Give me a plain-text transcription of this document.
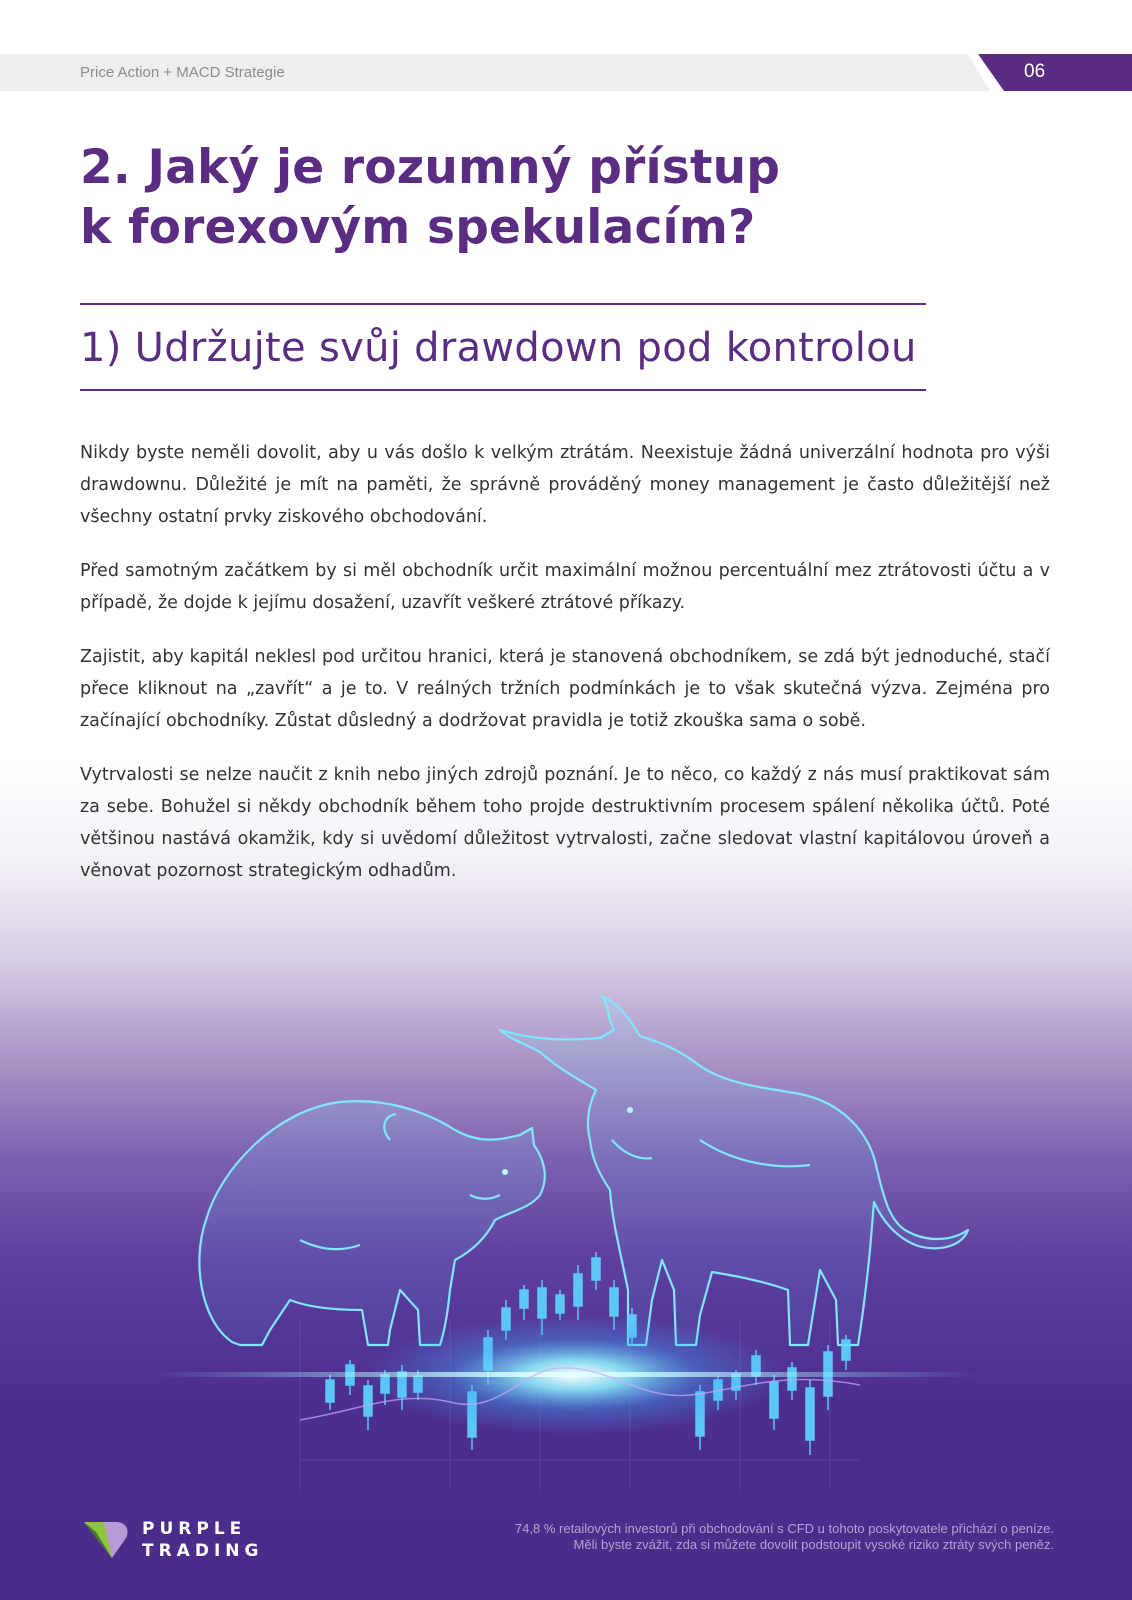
Price Action + MACD Strategie	06
2. Jaký je rozumný přístup
k forexovým spekulacím?
1) Udržujte svůj drawdown pod kontrolou

Nikdy byste neměli dovolit, aby u vás došlo k velkým ztrátám. Neexistuje žádná univerzální hodnota pro výši drawdownu. Důležité je mít na paměti, že správně prováděný money management je často důležitější než všechny ostatní prvky ziskového obchodování.

Před samotným začátkem by si měl obchodník určit maximální možnou percentuální mez ztrátovosti účtu a v případě, že dojde k jejímu dosažení, uzavřít veškeré ztrátové příkazy.

Zajistit, aby kapitál neklesl pod určitou hranici, která je stanovená obchodníkem, se zdá být jednoduché, stačí přece kliknout na „zavřít“ a je to. V reálných tržních podmínkách je to však skutečná výzva. Zejména pro začínající obchodníky. Zůstat důsledný a dodržovat pravidla je totiž zkouška sama o sobě.

Vytrvalosti se nelze naučit z knih nebo jiných zdrojů poznání. Je to něco, co každý z nás musí praktikovat sám za sebe. Bohužel si někdy obchodník během toho projde destruktivním procesem spálení několika účtů. Poté většinou nastává okamžik, kdy si uvědomí důležitost vytrvalosti, začne sledovat vlastní kapitálovou úroveň a věnovat pozornost strategickým odhadům.

PURPLE
TRADING
74,8 % retailových investorů při obchodování s CFD u tohoto poskytovatele přichází o peníze.
Měli byste zvážit, zda si můžete dovolit podstoupit vysoké riziko ztráty svých peněz.
